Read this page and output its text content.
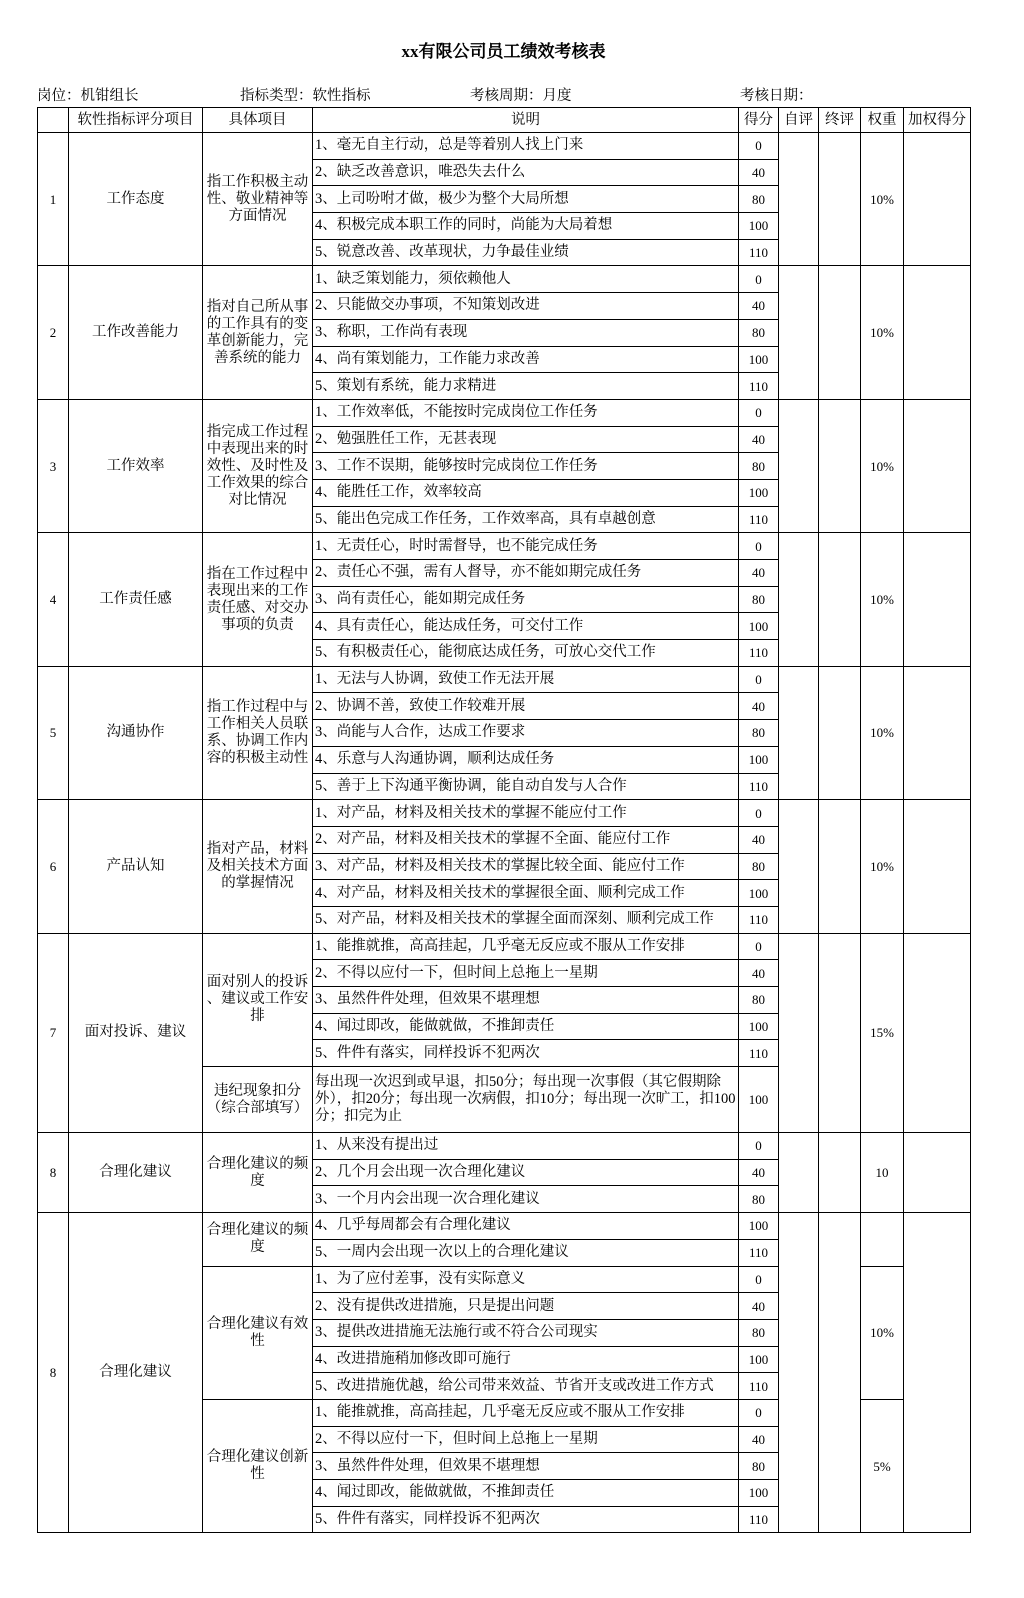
xx有限公司员工绩效考核表
岗位：机钳组长	指标类型：软性指标	考核周期：月度	考核日期：
	软性指标评分项目	具体项目	说明	得分	自评	终评	权重	加权得分
1	工作态度	指工作积极主动性、敬业精神等方面情况	1、毫无自主行动，总是等着别人找上门来	0			10%	
			2、缺乏改善意识，唯恐失去什么	40				
			3、上司吩咐才做，极少为整个大局所想	80				
			4、积极完成本职工作的同时，尚能为大局着想	100				
			5、锐意改善、改革现状，力争最佳业绩	110				
2	工作改善能力	指对自己所从事的工作具有的变革创新能力，完善系统的能力	1、缺乏策划能力，须依赖他人	0			10%	
			2、只能做交办事项，不知策划改进	40				
			3、称职，工作尚有表现	80				
			4、尚有策划能力，工作能力求改善	100				
			5、策划有系统，能力求精进	110				
3	工作效率	指完成工作过程中表现出来的时效性、及时性及工作效果的综合对比情况	1、工作效率低，不能按时完成岗位工作任务	0			10%	
			2、勉强胜任工作，无甚表现	40				
			3、工作不误期，能够按时完成岗位工作任务	80				
			4、能胜任工作，效率较高	100				
			5、能出色完成工作任务，工作效率高，具有卓越创意	110				
4	工作责任感	指在工作过程中表现出来的工作责任感、对交办事项的负责	1、无责任心，时时需督导，也不能完成任务	0			10%	
			2、责任心不强，需有人督导，亦不能如期完成任务	40				
			3、尚有责任心，能如期完成任务	80				
			4、具有责任心，能达成任务，可交付工作	100				
			5、有积极责任心，能彻底达成任务，可放心交代工作	110				
5	沟通协作	指工作过程中与工作相关人员联系、协调工作内容的积极主动性	1、无法与人协调，致使工作无法开展	0			10%	
			2、协调不善，致使工作较难开展	40				
			3、尚能与人合作，达成工作要求	80				
			4、乐意与人沟通协调，顺利达成任务	100				
			5、善于上下沟通平衡协调，能自动自发与人合作	110				
6	产品认知	指对产品，材料及相关技术方面的掌握情况	1、对产品，材料及相关技术的掌握不能应付工作	0			10%	
			2、对产品，材料及相关技术的掌握不全面、能应付工作	40				
			3、对产品，材料及相关技术的掌握比较全面、能应付工作	80				
			4、对产品，材料及相关技术的掌握很全面、顺利完成工作	100				
			5、对产品，材料及相关技术的掌握全面而深刻、顺利完成工作	110				
7	面对投诉、建议	面对别人的投诉、建议或工作安排	1、能推就推，高高挂起，几乎毫无反应或不服从工作安排	0			15%	
			2、不得以应付一下，但时间上总拖上一星期	40				
			3、虽然件件处理，但效果不堪理想	80				
			4、闻过即改，能做就做，不推卸责任	100				
			5、件件有落实，同样投诉不犯两次	110				
		违纪现象扣分（综合部填写）	每出现一次迟到或早退，扣50分；每出现一次事假（其它假期除外），扣20分；每出现一次病假，扣10分；每出现一次旷工，扣100分；扣完为止	100				
8	合理化建议	合理化建议的频度	1、从来没有提出过	0			10	
			2、几个月会出现一次合理化建议	40				
			3、一个月内会出现一次合理化建议	80				
8	合理化建议	合理化建议的频度	4、几乎每周都会有合理化建议	100				
			5、一周内会出现一次以上的合理化建议	110				
		合理化建议有效性	1、为了应付差事，没有实际意义	0			10%	
			2、没有提供改进措施，只是提出问题	40				
			3、提供改进措施无法施行或不符合公司现实	80				
			4、改进措施稍加修改即可施行	100				
			5、改进措施优越，给公司带来效益、节省开支或改进工作方式	110				
		合理化建议创新性	1、能推就推，高高挂起，几乎毫无反应或不服从工作安排	0			5%	
			2、不得以应付一下，但时间上总拖上一星期	40				
			3、虽然件件处理，但效果不堪理想	80				
			4、闻过即改，能做就做，不推卸责任	100				
			5、件件有落实，同样投诉不犯两次	110				
